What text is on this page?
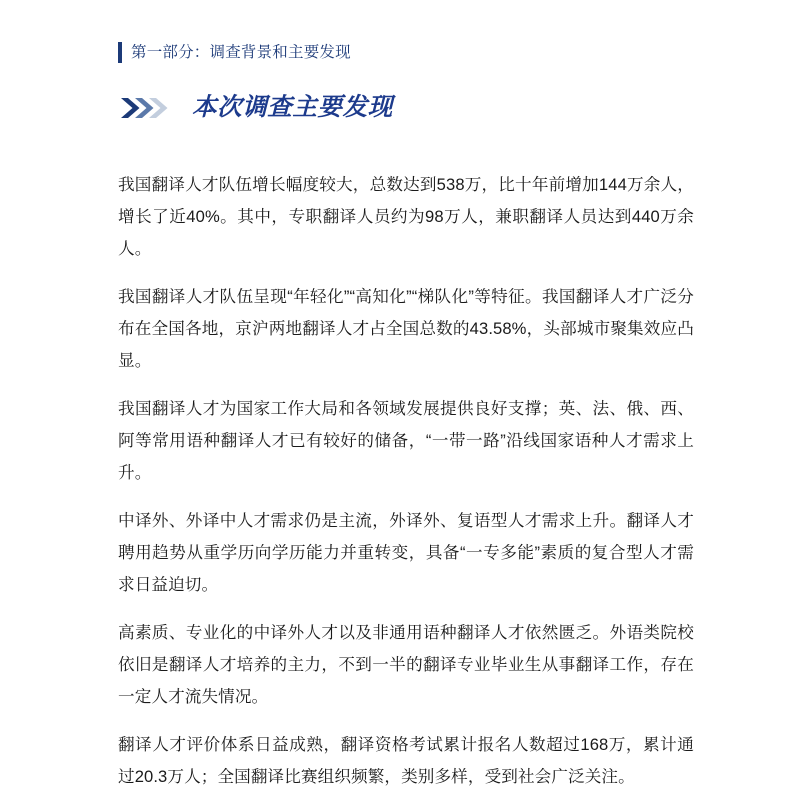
第一部分：调查背景和主要发现
本次调查主要发现

我国翻译人才队伍增长幅度较大，总数达到538万，比十年前增加144万余人，增长了近40%。其中，专职翻译人员约为98万人，兼职翻译人员达到440万余人。

我国翻译人才队伍呈现“年轻化”“高知化”“梯队化”等特征。我国翻译人才广泛分布在全国各地，京沪两地翻译人才占全国总数的43.58%，头部城市聚集效应凸显。

我国翻译人才为国家工作大局和各领域发展提供良好支撑；英、法、俄、西、阿等常用语种翻译人才已有较好的储备，“一带一路”沿线国家语种人才需求上升。

中译外、外译中人才需求仍是主流，外译外、复语型人才需求上升。翻译人才聘用趋势从重学历向学历能力并重转变，具备“一专多能”素质的复合型人才需求日益迫切。

高素质、专业化的中译外人才以及非通用语种翻译人才依然匮乏。外语类院校依旧是翻译人才培养的主力，不到一半的翻译专业毕业生从事翻译工作，存在一定人才流失情况。

翻译人才评价体系日益成熟，翻译资格考试累计报名人数超过168万，累计通过20.3万人；全国翻译比赛组织频繁，类别多样，受到社会广泛关注。
